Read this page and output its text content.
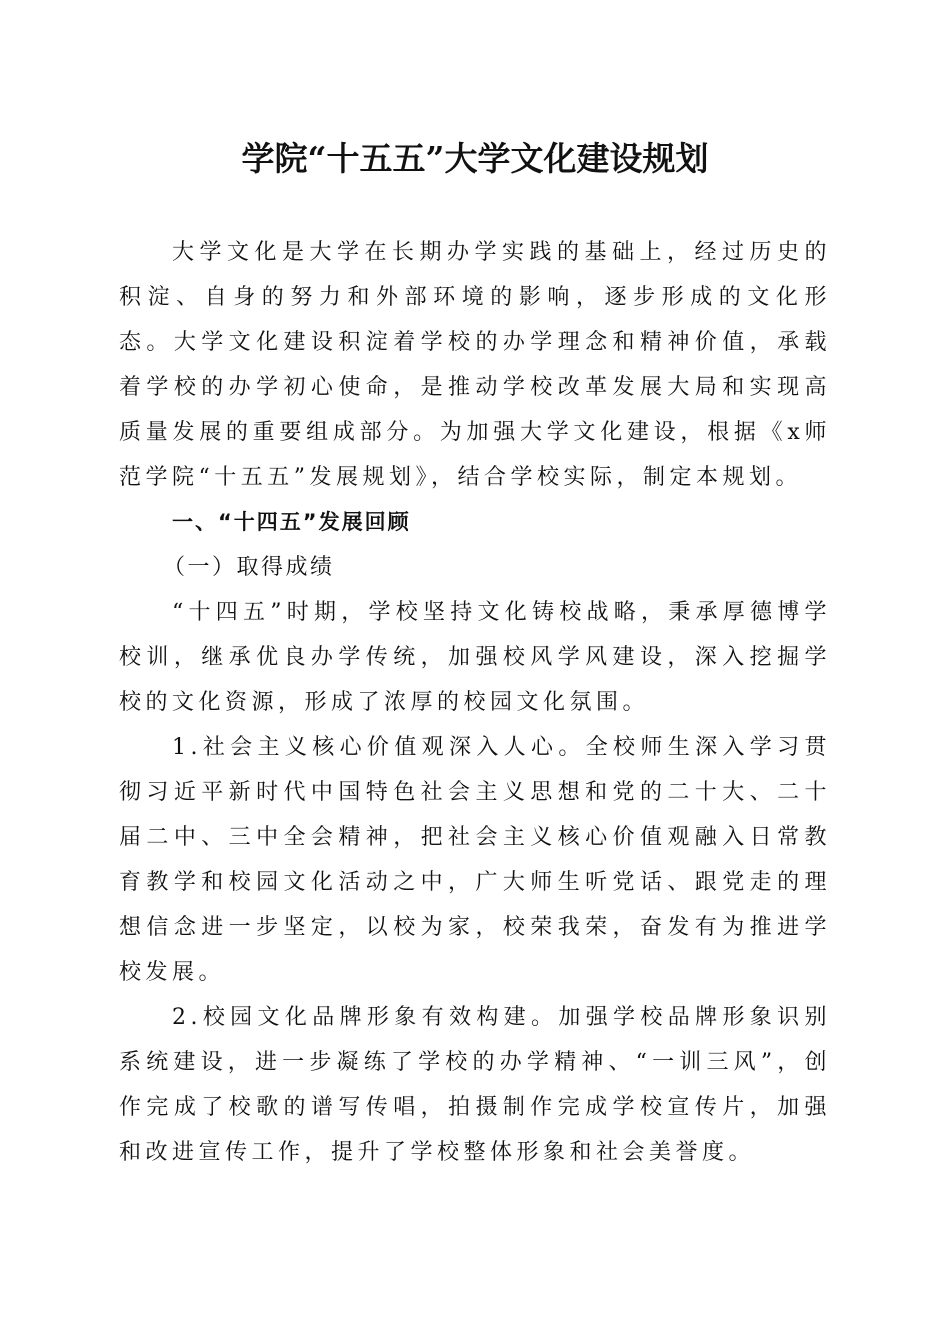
学院“十五五”大学文化建设规划

大学文化是大学在长期办学实践的基础上，经过历史的积淀、自身的努力和外部环境的影响，逐步形成的文化形态。大学文化建设积淀着学校的办学理念和精神价值，承载着学校的办学初心使命，是推动学校改革发展大局和实现高质量发展的重要组成部分。为加强大学文化建设，根据《x师范学院“十五五”发展规划》，结合学校实际，制定本规划。

一、“十四五”发展回顾

（一）取得成绩

“十四五”时期，学校坚持文化铸校战略，秉承厚德博学校训，继承优良办学传统，加强校风学风建设，深入挖掘学校的文化资源，形成了浓厚的校园文化氛围。

1.社会主义核心价值观深入人心。全校师生深入学习贯彻习近平新时代中国特色社会主义思想和党的二十大、二十届二中、三中全会精神，把社会主义核心价值观融入日常教育教学和校园文化活动之中，广大师生听党话、跟党走的理想信念进一步坚定，以校为家，校荣我荣，奋发有为推进学校发展。

2.校园文化品牌形象有效构建。加强学校品牌形象识别系统建设，进一步凝练了学校的办学精神、“一训三风”，创作完成了校歌的谱写传唱，拍摄制作完成学校宣传片，加强和改进宣传工作，提升了学校整体形象和社会美誉度。
